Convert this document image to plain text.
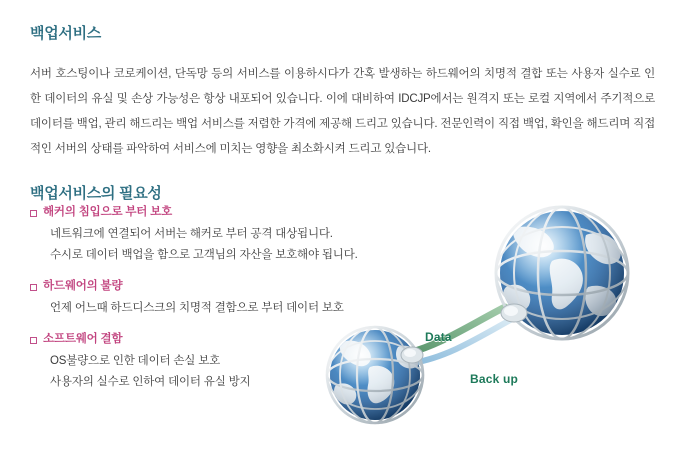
백업서비스

서버 호스팅이나 코로케이션, 단독망 등의 서비스를 이용하시다가 간혹 발생하는 하드웨어의 치명적 결합 또는 사용자 실수로 인한 데이터의 유실 및 손상 가능성은 항상 내포되어 있습니다. 이에 대비하여 IDCJP에서는 원격지 또는 로컬 지역에서 주기적으로 데이터를 백업, 관리 해드리는 백업 서비스를 저렴한 가격에 제공해 드리고 있습니다. 전문인력이 직접 백업, 확인을 해드리며 직접적인 서버의 상태를 파악하여 서비스에 미치는 영향을 최소화시켜 드리고 있습니다.

백업서비스의 필요성
해커의 침입으로 부터 보호
네트워크에 연결되어 서버는 해커로 부터 공격 대상됩니다.
수시로 데이터 백업을 함으로 고객님의 자산을 보호해야 됩니다.
하드웨어의 불량
언제 어느때 하드디스크의 치명적 결함으로 부터 데이터 보호
소프트웨어 결함
OS불량으로 인한 데이터 손실 보호
사용자의 실수로 인하여 데이터 유실 방지
Data
Back up
